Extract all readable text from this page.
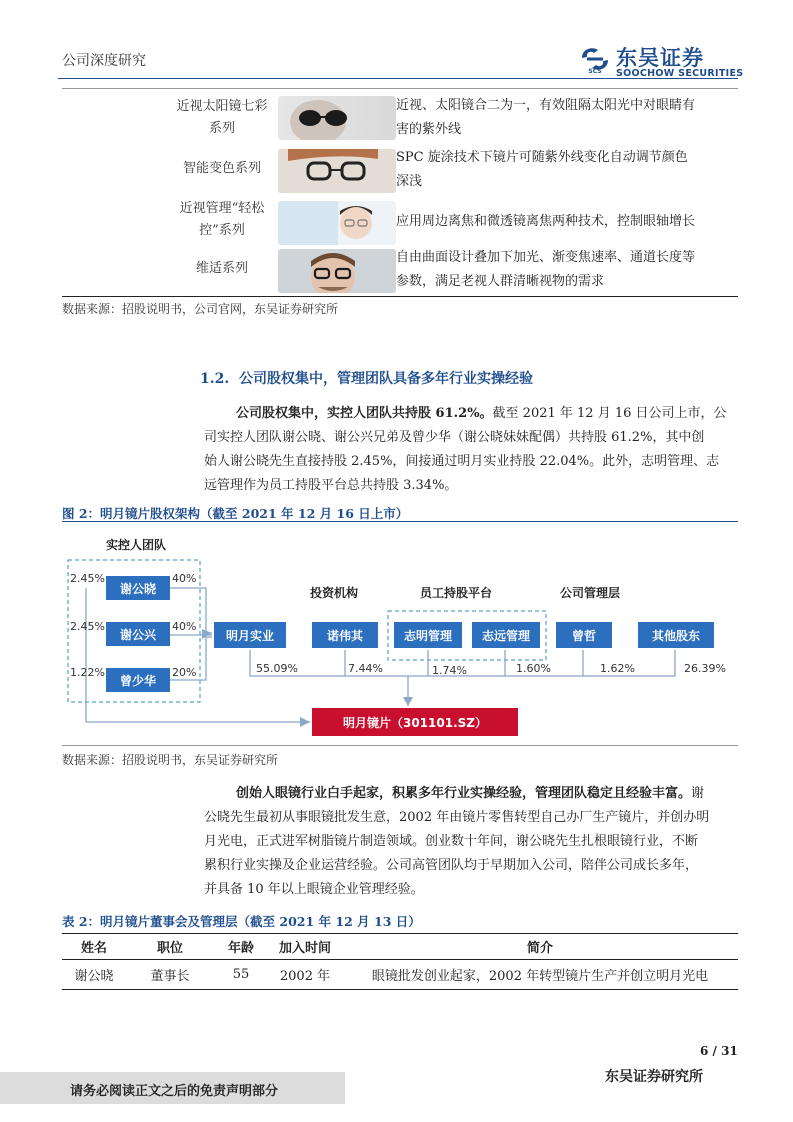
公司深度研究
SCS
东吴证券
SOOCHOW SECURITIES
近视太阳镜七彩
系列
近视、太阳镜合二为一，有效阻隔太阳光中对眼睛有
害的紫外线
智能变色系列
SPC 旋涂技术下镜片可随紫外线变化自动调节颜色
深浅
近视管理“轻松
控”系列
应用周边离焦和微透镜离焦两种技术，控制眼轴增长
维适系列
自由曲面设计叠加下加光、渐变焦速率、通道长度等
参数，满足老视人群清晰视物的需求
数据来源：招股说明书，公司官网，东吴证券研究所
1.2. 公司股权集中，管理团队具备多年行业实操经验
公司股权集中，实控人团队共持股 61.2%。截至 2021 年 12 月 16 日公司上市，公
司实控人团队谢公晓、谢公兴兄弟及曾少华（谢公晓妹妹配偶）共持股 61.2%，其中创
始人谢公晓先生直接持股 2.45%，间接通过明月实业持股 22.04%。此外，志明管理、志
远管理作为员工持股平台总共持股 3.34%。
图 2：明月镜片股权架构（截至 2021 年 12 月 16 日上市）
实控人团队
投资机构	员工持股平台	公司管理层
谢公晓
谢公兴
曾少华
2.45%
2.45%
1.22%
40%
40%
20%
明月实业	诺伟其	志明管理	志远管理	曾哲	其他股东
55.09%	7.44%	1.74%	1.60%	1.62%	26.39%
明月镜片（301101.SZ）
数据来源：招股说明书，东吴证券研究所
创始人眼镜行业白手起家，积累多年行业实操经验，管理团队稳定且经验丰富。谢
公晓先生最初从事眼镜批发生意，2002 年由镜片零售转型自己办厂生产镜片，并创办明
月光电，正式进军树脂镜片制造领域。创业数十年间，谢公晓先生扎根眼镜行业，不断
累积行业实操及企业运营经验。公司高管团队均于早期加入公司，陪伴公司成长多年，
并具备 10 年以上眼镜企业管理经验。
表 2：明月镜片董事会及管理层（截至 2021 年 12 月 13 日）
姓名	职位	年龄	加入时间	简介
谢公晓	董事长	55	2002 年	眼镜批发创业起家，2002 年转型镜片生产并创立明月光电
6 / 31
请务必阅读正文之后的免责声明部分
东吴证券研究所
